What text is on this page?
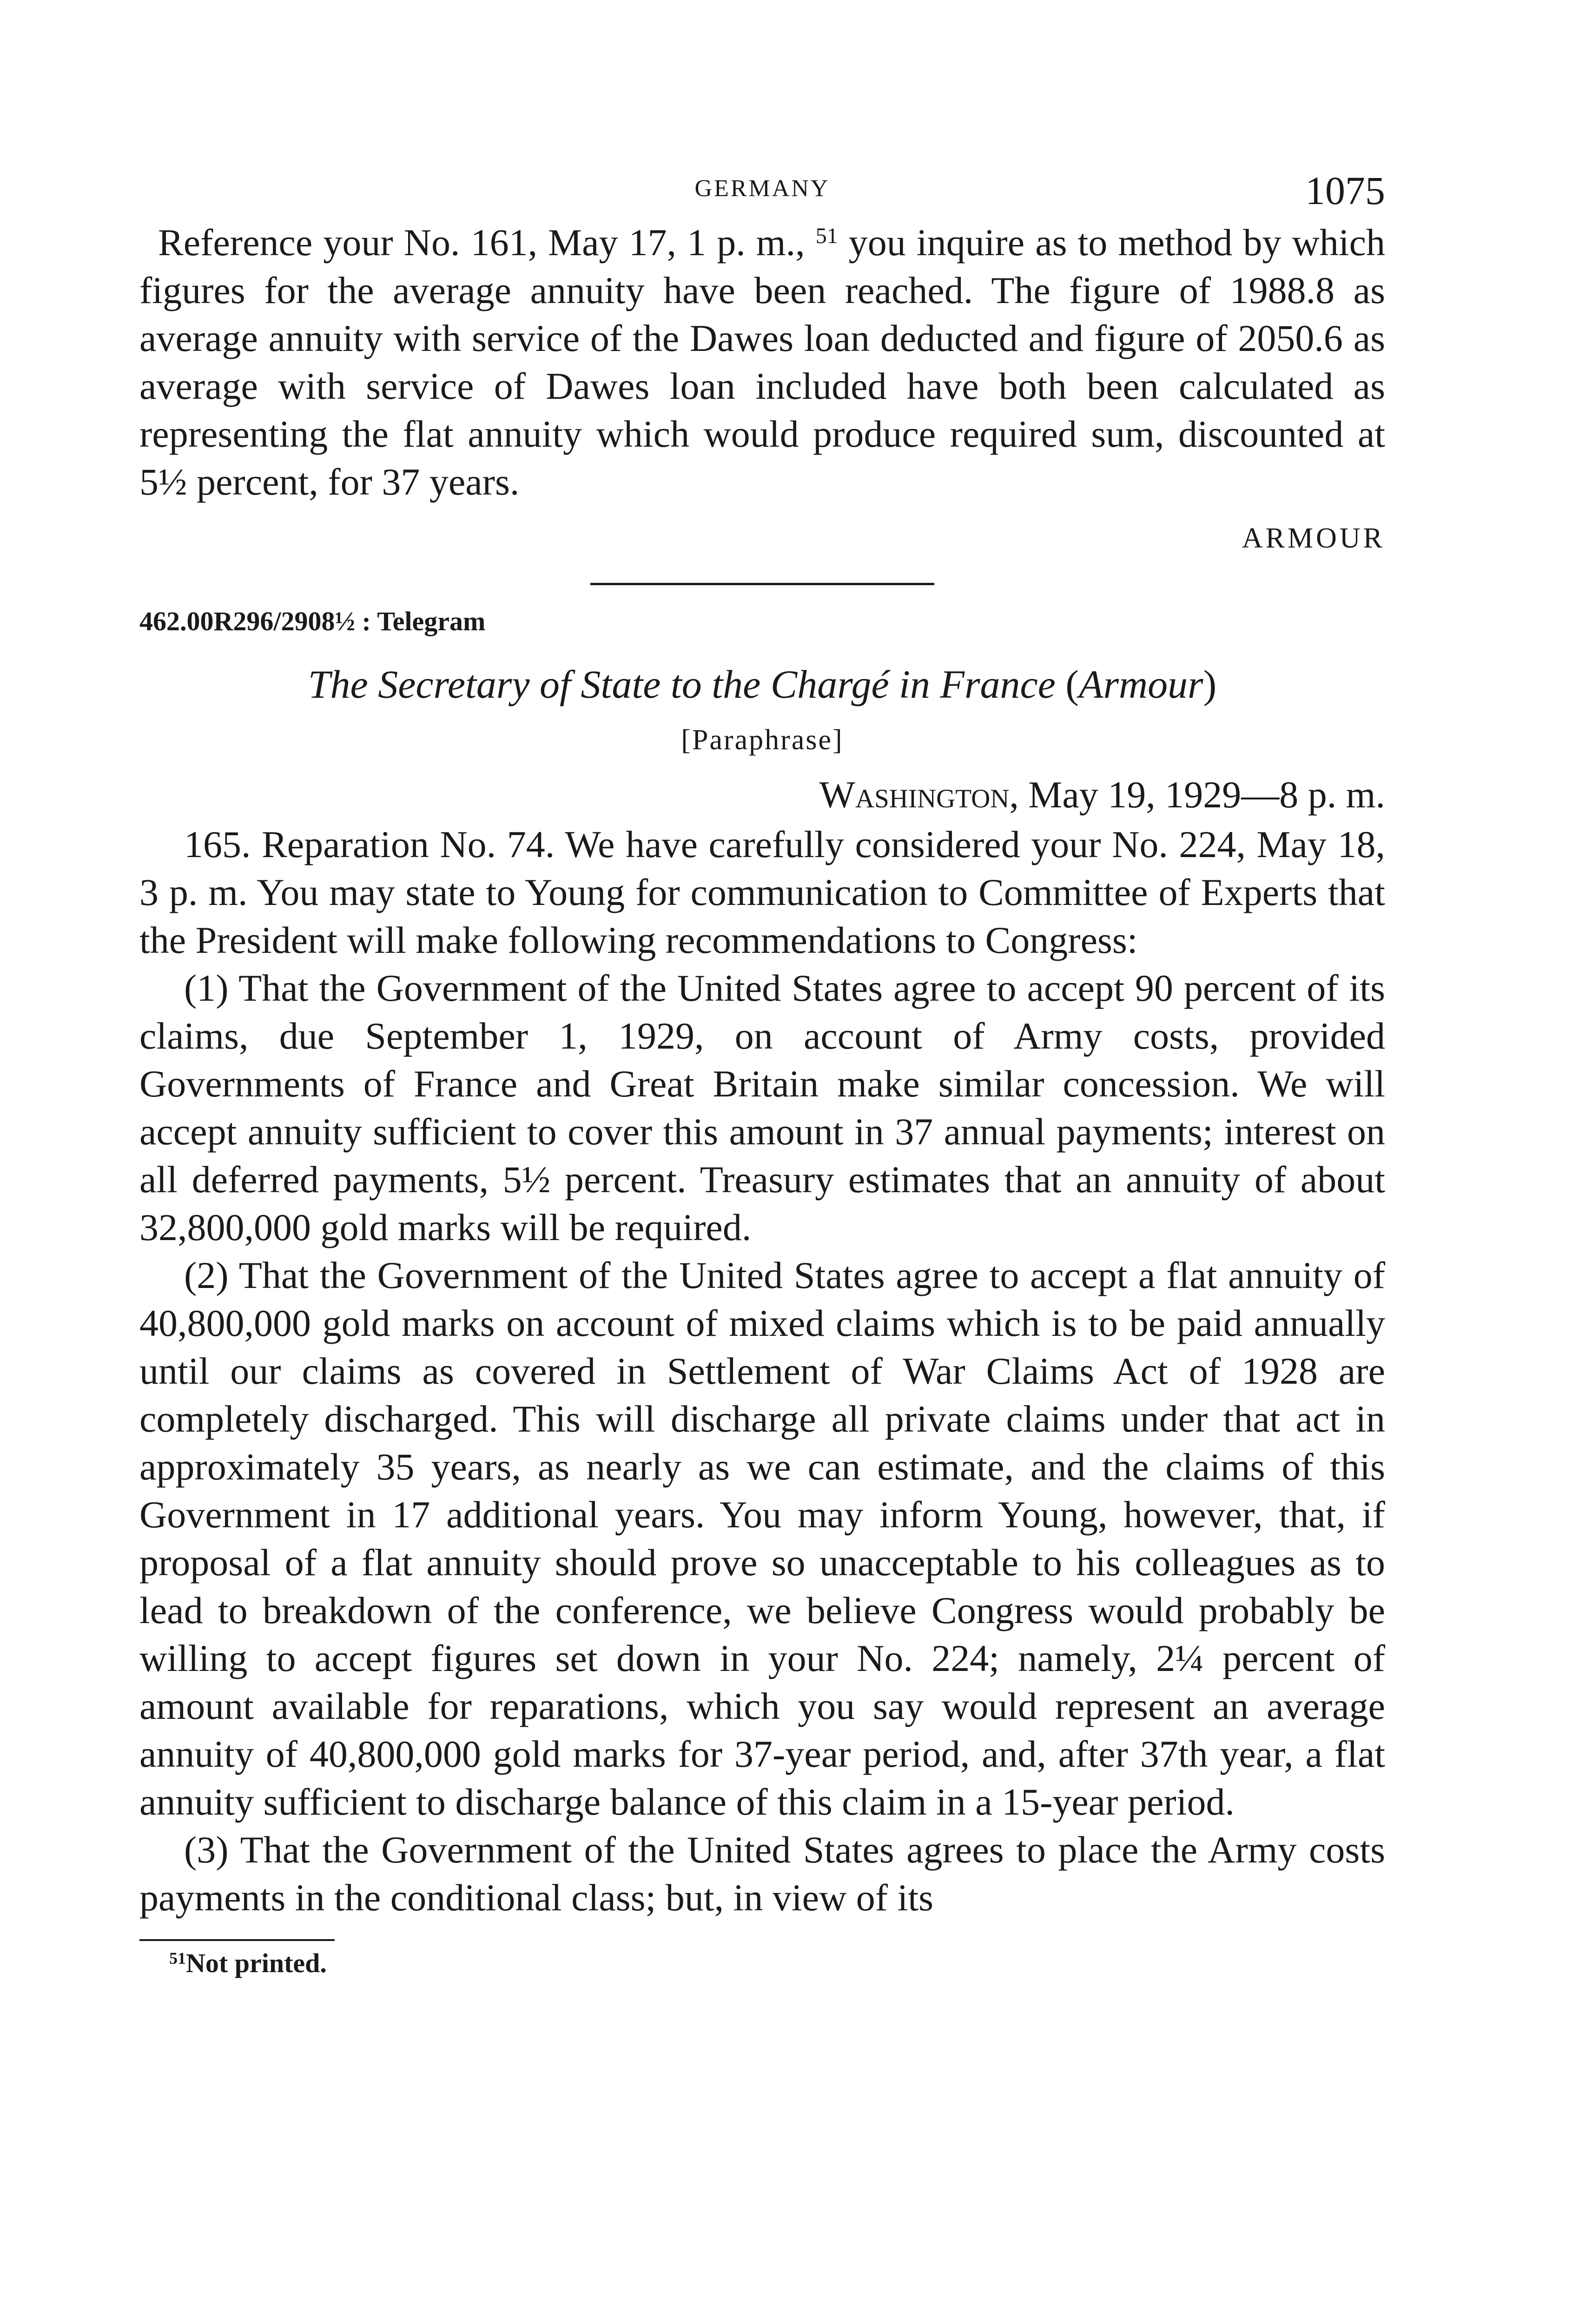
GERMANY	1075

Reference your No. 161, May 17, 1 p. m., $^{51}$ you inquire as to method by which figures for the average annuity have been reached. The figure of 1988.8 as average annuity with service of the Dawes loan deducted and figure of 2050.6 as average with service of Dawes loan included have both been calculated as representing the flat annuity which would produce required sum, discounted at 5½ percent, for 37 years.

ARMOUR
462.00R296/2908½ : Telegram
The Secretary of State to the Chargé in France (Armour)
[Paraphrase]
Washington, May 19, 1929—8 p. m.

165. Reparation No. 74. We have carefully considered your No. 224, May 18, 3 p. m. You may state to Young for communication to Committee of Experts that the President will make following recommendations to Congress:

(1) That the Government of the United States agree to accept 90 percent of its claims, due September 1, 1929, on account of Army costs, provided Governments of France and Great Britain make similar concession. We will accept annuity sufficient to cover this amount in 37 annual payments; interest on all deferred payments, 5½ percent. Treasury estimates that an annuity of about 32,800,000 gold marks will be required.

(2) That the Government of the United States agree to accept a flat annuity of 40,800,000 gold marks on account of mixed claims which is to be paid annually until our claims as covered in Settlement of War Claims Act of 1928 are completely discharged. This will discharge all private claims under that act in approximately 35 years, as nearly as we can estimate, and the claims of this Government in 17 additional years. You may inform Young, however, that, if proposal of a flat annuity should prove so unacceptable to his colleagues as to lead to breakdown of the conference, we believe Congress would probably be willing to accept figures set down in your No. 224; namely, 2¼ percent of amount available for reparations, which you say would represent an average annuity of 40,800,000 gold marks for 37-year period, and, after 37th year, a flat annuity sufficient to discharge balance of this claim in a 15-year period.

(3) That the Government of the United States agrees to place the Army costs payments in the conditional class; but, in view of its

$^{51}$Not printed.
